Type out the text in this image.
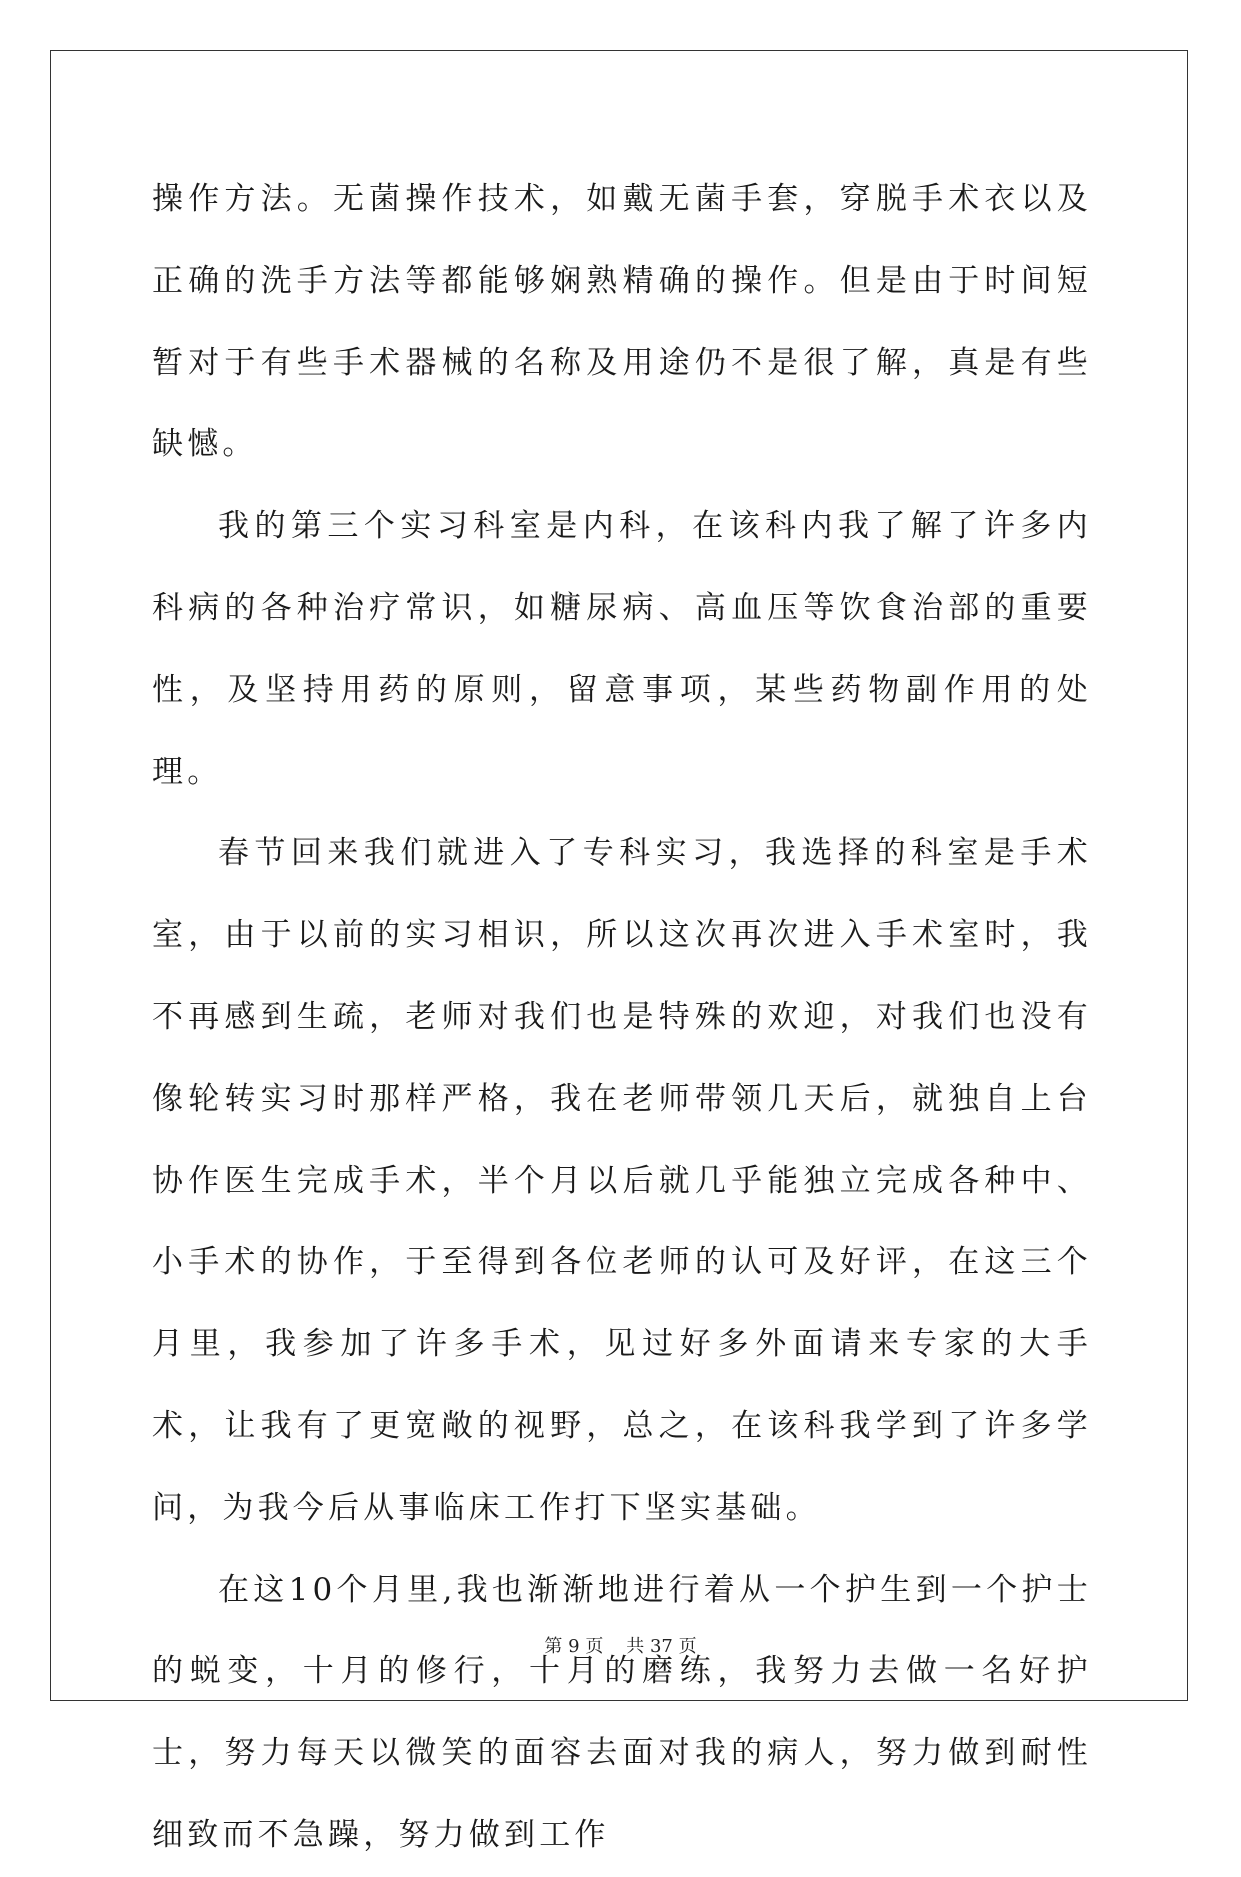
操作方法。无菌操作技术，如戴无菌手套，穿脱手术衣以及正确的洗手方法等都能够娴熟精确的操作。但是由于时间短暂对于有些手术器械的名称及用途仍不是很了解，真是有些缺憾。

我的第三个实习科室是内科，在该科内我了解了许多内科病的各种治疗常识，如糖尿病、高血压等饮食治部的重要性，及坚持用药的原则，留意事项，某些药物副作用的处理。

春节回来我们就进入了专科实习，我选择的科室是手术室，由于以前的实习相识，所以这次再次进入手术室时，我不再感到生疏，老师对我们也是特殊的欢迎，对我们也没有像轮转实习时那样严格，我在老师带领几天后，就独自上台协作医生完成手术，半个月以后就几乎能独立完成各种中、小手术的协作，于至得到各位老师的认可及好评，在这三个月里，我参加了许多手术，见过好多外面请来专家的大手术，让我有了更宽敞的视野，总之，在该科我学到了许多学问，为我今后从事临床工作打下坚实基础。

在这10个月里,我也渐渐地进行着从一个护生到一个护士的蜕变，十月的修行，十月的磨练，我努力去做一名好护士，努力每天以微笑的面容去面对我的病人，努力做到耐性细致而不急躁，努力做到工作

第 9 页 共 37 页
